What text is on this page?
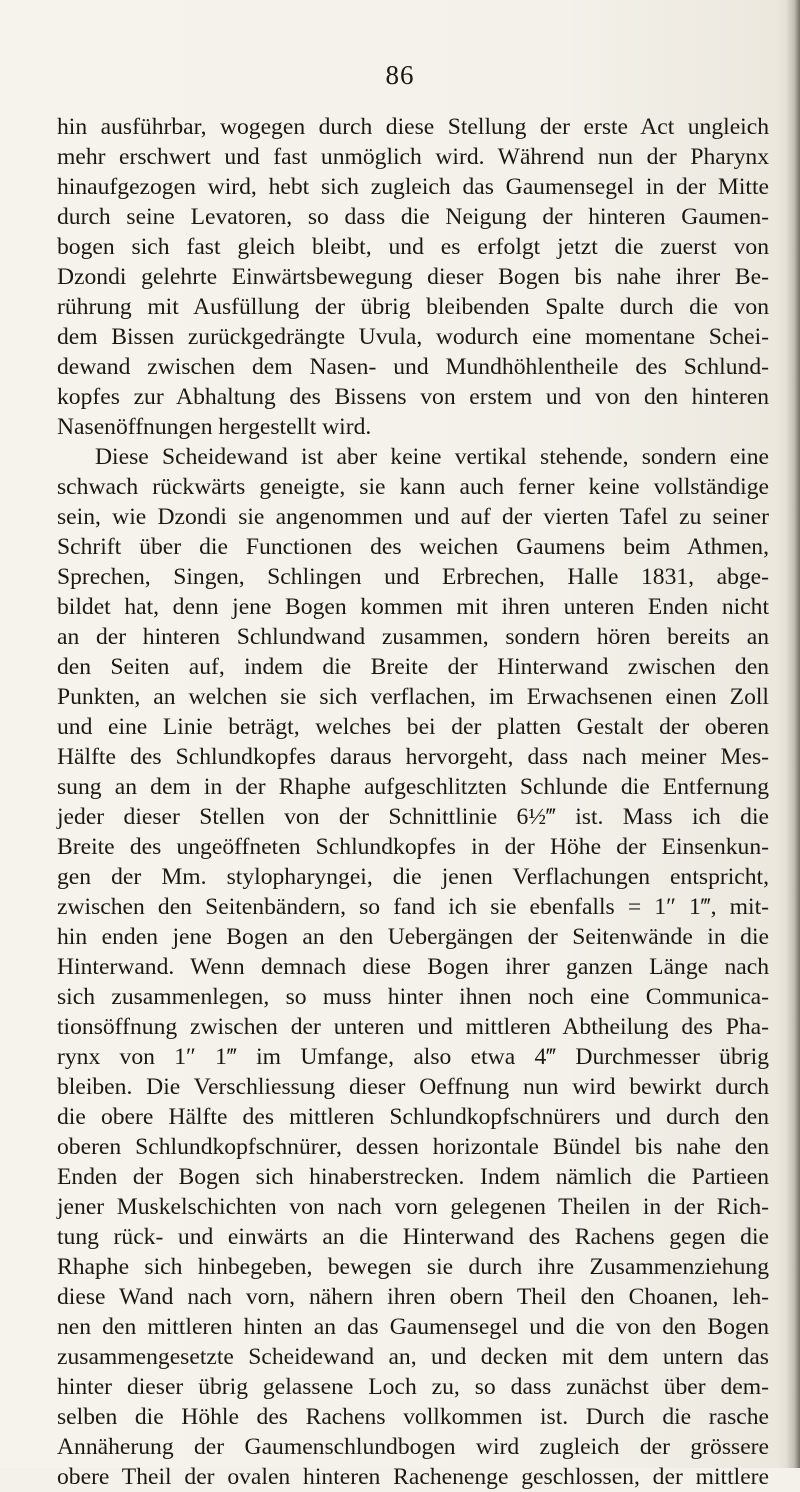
86
hin ausführbar, wogegen durch diese Stellung der erste Act ungleich
mehr erschwert und fast unmöglich wird. Während nun der Pharynx
hinaufgezogen wird, hebt sich zugleich das Gaumensegel in der Mitte
durch seine Levatoren, so dass die Neigung der hinteren Gaumen-
bogen sich fast gleich bleibt, und es erfolgt jetzt die zuerst von
Dzondi gelehrte Einwärtsbewegung dieser Bogen bis nahe ihrer Be-
rührung mit Ausfüllung der übrig bleibenden Spalte durch die von
dem Bissen zurückgedrängte Uvula, wodurch eine momentane Schei-
dewand zwischen dem Nasen- und Mundhöhlentheile des Schlund-
kopfes zur Abhaltung des Bissens von erstem und von den hinteren
Nasenöffnungen hergestellt wird.
Diese Scheidewand ist aber keine vertikal stehende, sondern eine
schwach rückwärts geneigte, sie kann auch ferner keine vollständige
sein, wie Dzondi sie angenommen und auf der vierten Tafel zu seiner
Schrift über die Functionen des weichen Gaumens beim Athmen,
Sprechen, Singen, Schlingen und Erbrechen, Halle 1831, abge-
bildet hat, denn jene Bogen kommen mit ihren unteren Enden nicht
an der hinteren Schlundwand zusammen, sondern hören bereits an
den Seiten auf, indem die Breite der Hinterwand zwischen den
Punkten, an welchen sie sich verflachen, im Erwachsenen einen Zoll
und eine Linie beträgt, welches bei der platten Gestalt der oberen
Hälfte des Schlundkopfes daraus hervorgeht, dass nach meiner Mes-
sung an dem in der Rhaphe aufgeschlitzten Schlunde die Entfernung
jeder dieser Stellen von der Schnittlinie 6½‴ ist. Mass ich die
Breite des ungeöffneten Schlundkopfes in der Höhe der Einsenkun-
gen der Mm. stylopharyngei, die jenen Verflachungen entspricht,
zwischen den Seitenbändern, so fand ich sie ebenfalls = 1″ 1‴, mit-
hin enden jene Bogen an den Uebergängen der Seitenwände in die
Hinterwand. Wenn demnach diese Bogen ihrer ganzen Länge nach
sich zusammenlegen, so muss hinter ihnen noch eine Communica-
tionsöffnung zwischen der unteren und mittleren Abtheilung des Pha-
rynx von 1″ 1‴ im Umfange, also etwa 4‴ Durchmesser übrig
bleiben. Die Verschliessung dieser Oeffnung nun wird bewirkt durch
die obere Hälfte des mittleren Schlundkopfschnürers und durch den
oberen Schlundkopfschnürer, dessen horizontale Bündel bis nahe den
Enden der Bogen sich hinaberstrecken. Indem nämlich die Partieen
jener Muskelschichten von nach vorn gelegenen Theilen in der Rich-
tung rück- und einwärts an die Hinterwand des Rachens gegen die
Rhaphe sich hinbegeben, bewegen sie durch ihre Zusammenziehung
diese Wand nach vorn, nähern ihren obern Theil den Choanen, leh-
nen den mittleren hinten an das Gaumensegel und die von den Bogen
zusammengesetzte Scheidewand an, und decken mit dem untern das
hinter dieser übrig gelassene Loch zu, so dass zunächst über dem-
selben die Höhle des Rachens vollkommen ist. Durch die rasche
Annäherung der Gaumenschlundbogen wird zugleich der grössere
obere Theil der ovalen hinteren Rachenenge geschlossen, der mittlere
